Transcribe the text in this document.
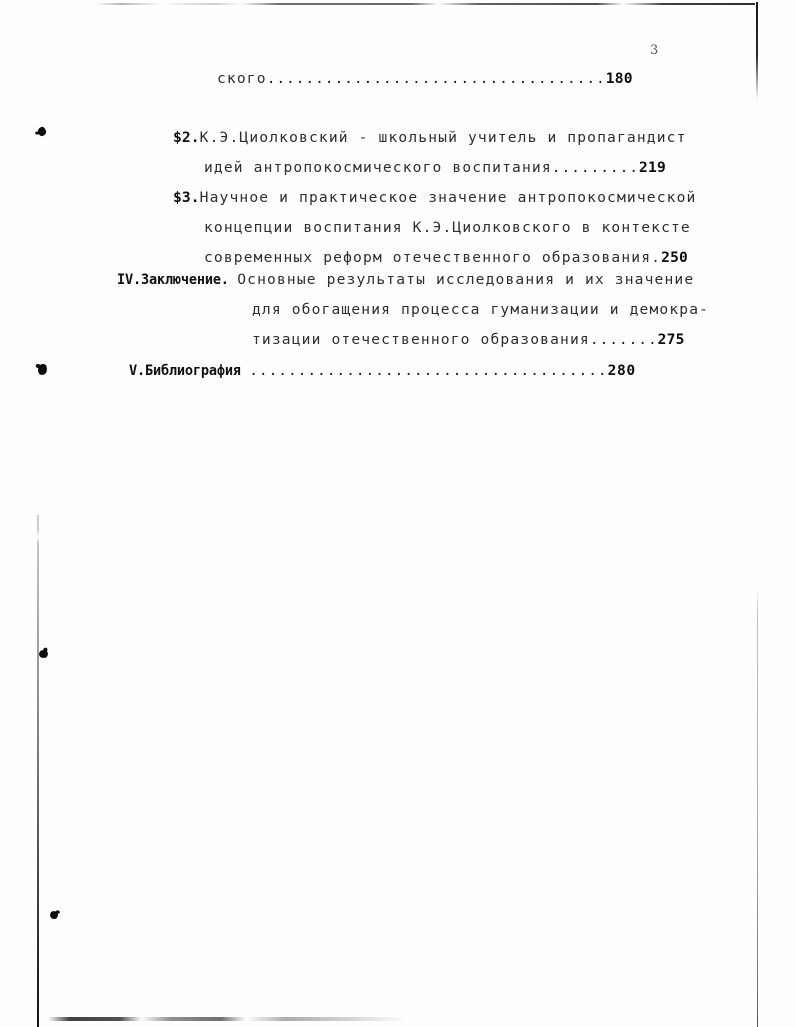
3
ского...................................180
$2.К.Э.Циолковский - школьный учитель и пропагандист
идей антропокосмического воспитания.........219
$3.Научное и практическое значение антропокосмической
концепции воспитания К.Э.Циолковского в контексте
современных реформ отечественного образования.250
IV.Заключение. Основные результаты исследования и их значение
для обогащения процесса гуманизации и демокра-
тизации отечественного образования.......275
V.Библиография .....................................280
